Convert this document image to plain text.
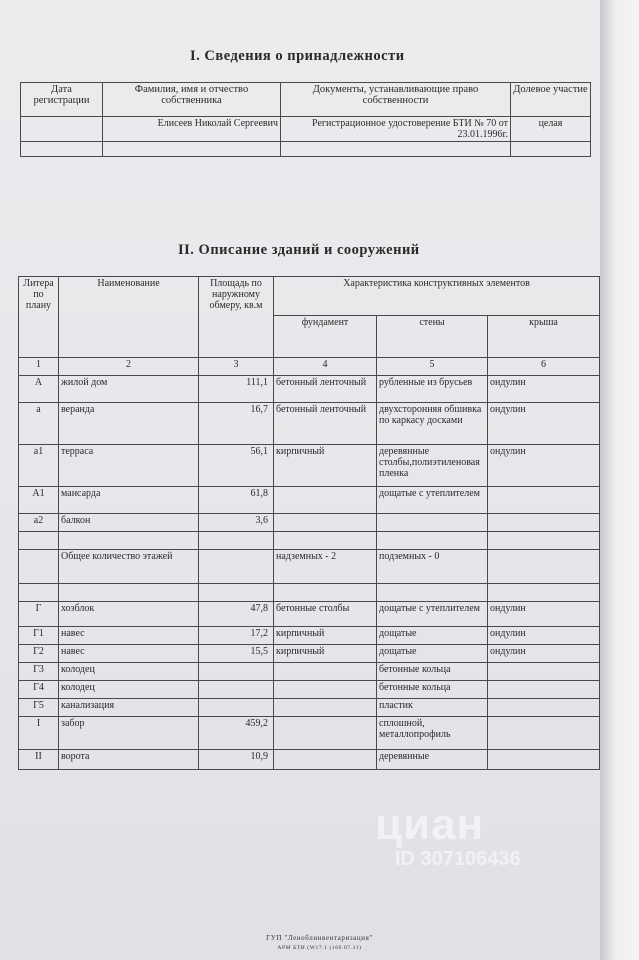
I. Сведения о принадлежности
Дата регистрации	Фамилия, имя и отчество собственника	Документы, устанавливающие право собственности	Долевое участие
	Елисеев Николай Сергеевич	Регистрационное удостоверение БТИ № 70 от 23.01.1996г.	целая

II. Описание зданий и сооружений
Литера по плану	Наименование	Площадь по наружному обмеру, кв.м	Характеристика конструктивных элементов		
			фундамент	стены	крыша
1	2	3	4	5	6
А	жилой дом	111,1	бетонный ленточный	рубленные из брусьев	ондулин
а	веранда	16,7	бетонный ленточный	двухсторонняя обшивка по каркасу досками	ондулин
а1	терраса	56,1	кирпичный	деревянные столбы,полиэтиленовая пленка	ондулин
А1	мансарда	61,8		дощатые с утеплителем	
а2	балкон	3,6			

	Общее количество этажей		надземных - 2	подземных - 0	

Г	хозблок	47,8	бетонные столбы	дощатые с утеплителем	ондулин
Г1	навес	17,2	кирпичный	дощатые	ондулин
Г2	навес	15,5	кирпичный	дощатые	ондулин
Г3	колодец			бетонные кольца	
Г4	колодец			бетонные кольца	
Г5	канализация			пластик	
I	забор	459,2		сплошной, металлопрофиль	
II	ворота	10,9		деревянные	
циан
ID 307106436
ГУП "Леноблинвентаризация"
АРМ БТИ (W17.1 (160.07.11)
